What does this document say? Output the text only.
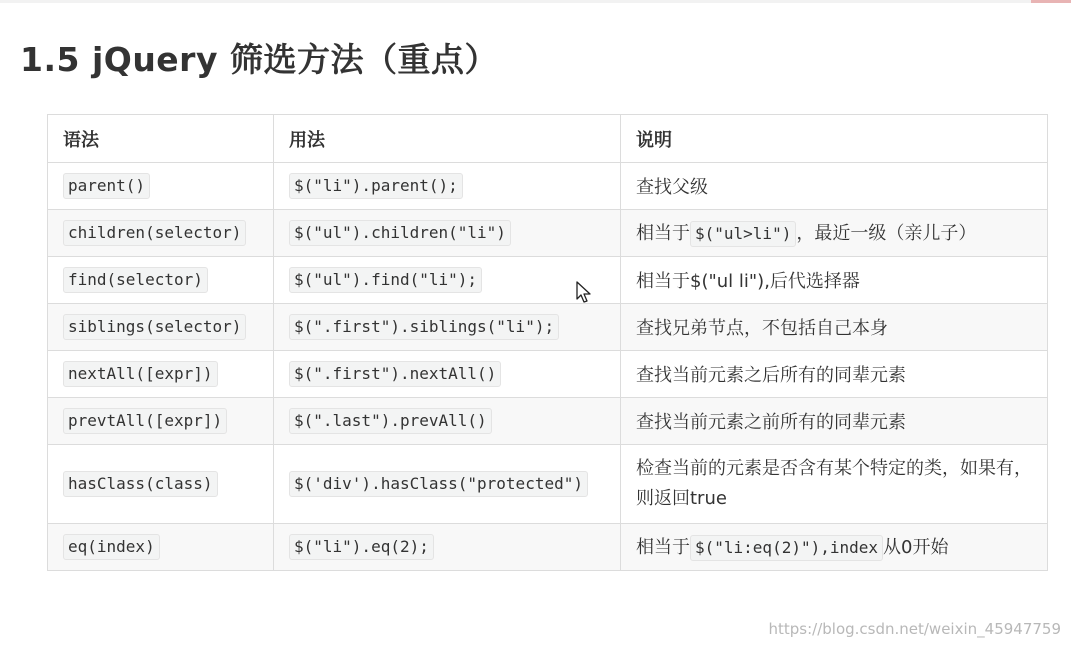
1.5 jQuery 筛选方法（重点）
语法	用法	说明
parent()	$("li").parent();	查找父级
children(selector)	$("ul").children("li")	相当于 $("ul>li") ，最近一级（亲儿子）
find(selector)	$("ul").find("li");	相当于$("ul li"),后代选择器
siblings(selector)	$(".first").siblings("li");	查找兄弟节点，不包括自己本身
nextAll([expr])	$(".first").nextAll()	查找当前元素之后所有的同辈元素
prevtAll([expr])	$(".last").prevAll()	查找当前元素之前所有的同辈元素
hasClass(class)	$('div').hasClass("protected")	检查当前的元素是否含有某个特定的类，如果有，则返回true
eq(index)	$("li").eq(2);	相当于 $("li:eq(2)"),index 从0开始
https://blog.csdn.net/weixin_45947759
